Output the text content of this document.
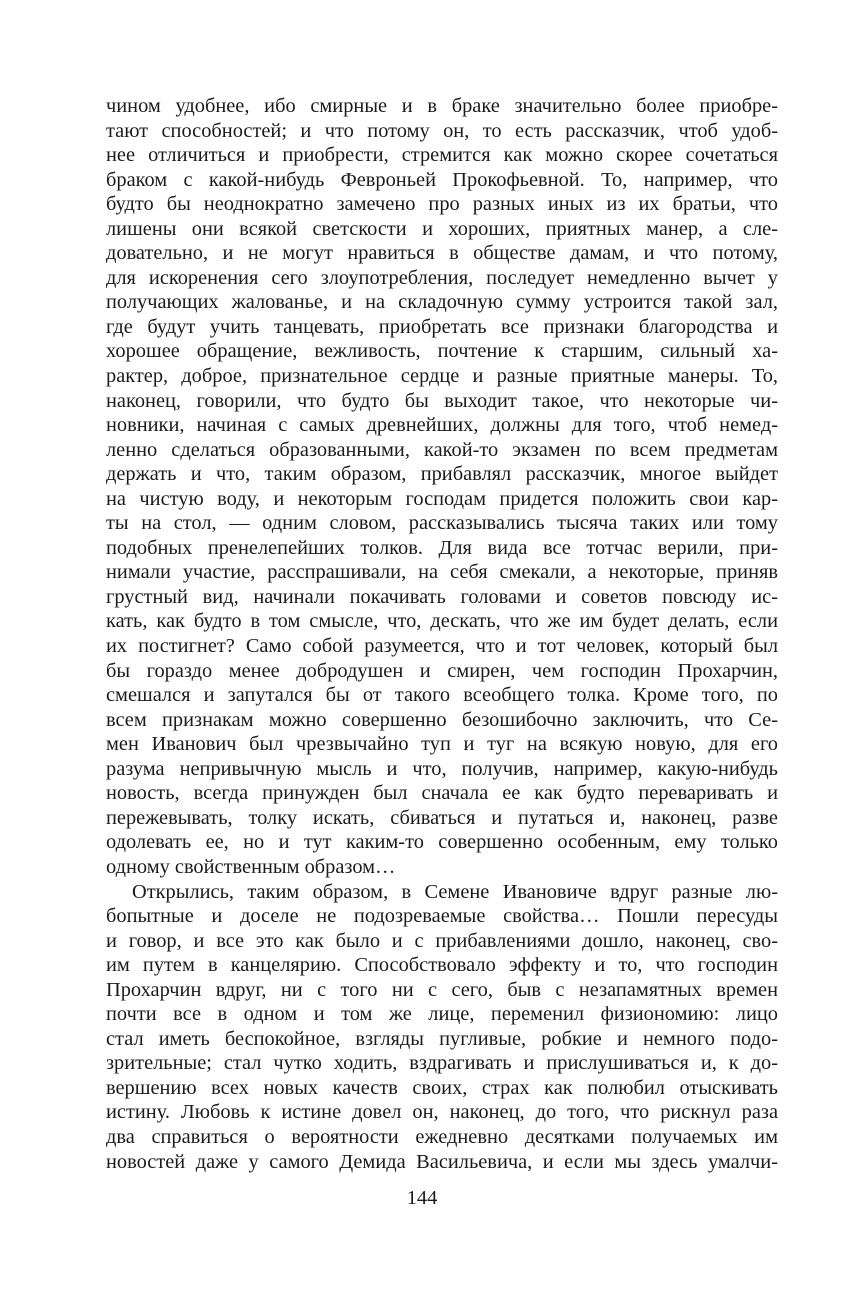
чином удобнее, ибо смирные и в браке значительно более приобре-
тают способностей; и что потому он, то есть рассказчик, чтоб удоб-
нее отличиться и приобрести, стремится как можно скорее сочетаться
браком с какой-нибудь Февроньей Прокофьевной. То, например, что
будто бы неоднократно замечено про разных иных из их братьи, что
лишены они всякой светскости и хороших, приятных манер, а сле-
довательно, и не могут нравиться в обществе дамам, и что потому,
для искоренения сего злоупотребления, последует немедленно вычет у
получающих жалованье, и на складочную сумму устроится такой зал,
где будут учить танцевать, приобретать все признаки благородства и
хорошее обращение, вежливость, почтение к старшим, сильный ха-
рактер, доброе, признательное сердце и разные приятные манеры. То,
наконец, говорили, что будто бы выходит такое, что некоторые чи-
новники, начиная с самых древнейших, должны для того, чтоб немед-
ленно сделаться образованными, какой-то экзамен по всем предметам
держать и что, таким образом, прибавлял рассказчик, многое выйдет
на чистую воду, и некоторым господам придется положить свои кар-
ты на стол, — одним словом, рассказывались тысяча таких или тому
подобных пренелепейших толков. Для вида все тотчас верили, при-
нимали участие, расспрашивали, на себя смекали, а некоторые, приняв
грустный вид, начинали покачивать головами и советов повсюду ис-
кать, как будто в том смысле, что, дескать, что же им будет делать, если
их постигнет? Само собой разумеется, что и тот человек, который был
бы гораздо менее добродушен и смирен, чем господин Прохарчин,
смешался и запутался бы от такого всеобщего толка. Кроме того, по
всем признакам можно совершенно безошибочно заключить, что Се-
мен Иванович был чрезвычайно туп и туг на всякую новую, для его
разума непривычную мысль и что, получив, например, какую-нибудь
новость, всегда принужден был сначала ее как будто переваривать и
пережевывать, толку искать, сбиваться и путаться и, наконец, разве
одолевать ее, но и тут каким-то совершенно особенным, ему только
одному свойственным образом…
Открылись, таким образом, в Семене Ивановиче вдруг разные лю-
бопытные и доселе не подозреваемые свойства… Пошли пересуды
и говор, и все это как было и с прибавлениями дошло, наконец, сво-
им путем в канцелярию. Способствовало эффекту и то, что господин
Прохарчин вдруг, ни с того ни с сего, быв с незапамятных времен
почти все в одном и том же лице, переменил физиономию: лицо
стал иметь беспокойное, взгляды пугливые, робкие и немного подо-
зрительные; стал чутко ходить, вздрагивать и прислушиваться и, к до-
вершению всех новых качеств своих, страх как полюбил отыскивать
истину. Любовь к истине довел он, наконец, до того, что рискнул раза
два справиться о вероятности ежедневно десятками получаемых им
новостей даже у самого Демида Васильевича, и если мы здесь умалчи-
144
